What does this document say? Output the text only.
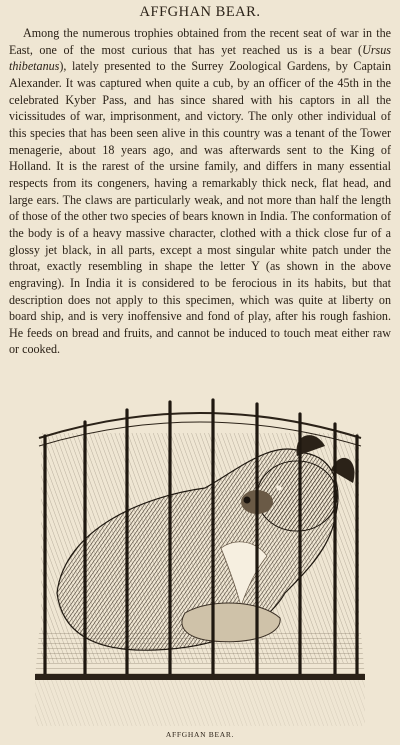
AFFGHAN BEAR.

Among the numerous trophies obtained from the recent seat of war in the East, one of the most curious that has yet reached us is a bear (Ursus thibetanus), lately presented to the Surrey Zoological Gardens, by Captain Alexander. It was captured when quite a cub, by an officer of the 45th in the celebrated Kyber Pass, and has since shared with his captors in all the vicissitudes of war, imprisonment, and victory. The only other individual of this species that has been seen alive in this country was a tenant of the Tower menagerie, about 18 years ago, and was afterwards sent to the King of Holland. It is the rarest of the ursine family, and differs in many essential respects from its congeners, having a remarkably thick neck, flat head, and large ears. The claws are particularly weak, and not more than half the length of those of the other two species of bears known in India. The conformation of the body is of a heavy massive character, clothed with a thick close fur of a glossy jet black, in all parts, except a most singular white patch under the throat, exactly resembling in shape the letter Y (as shown in the above engraving). In India it is considered to be ferocious in its habits, but that description does not apply to this specimen, which was quite at liberty on board ship, and is very inoffensive and fond of play, after his rough fashion. He feeds on bread and fruits, and cannot be induced to touch meat either raw or cooked.

AFFGHAN BEAR.
